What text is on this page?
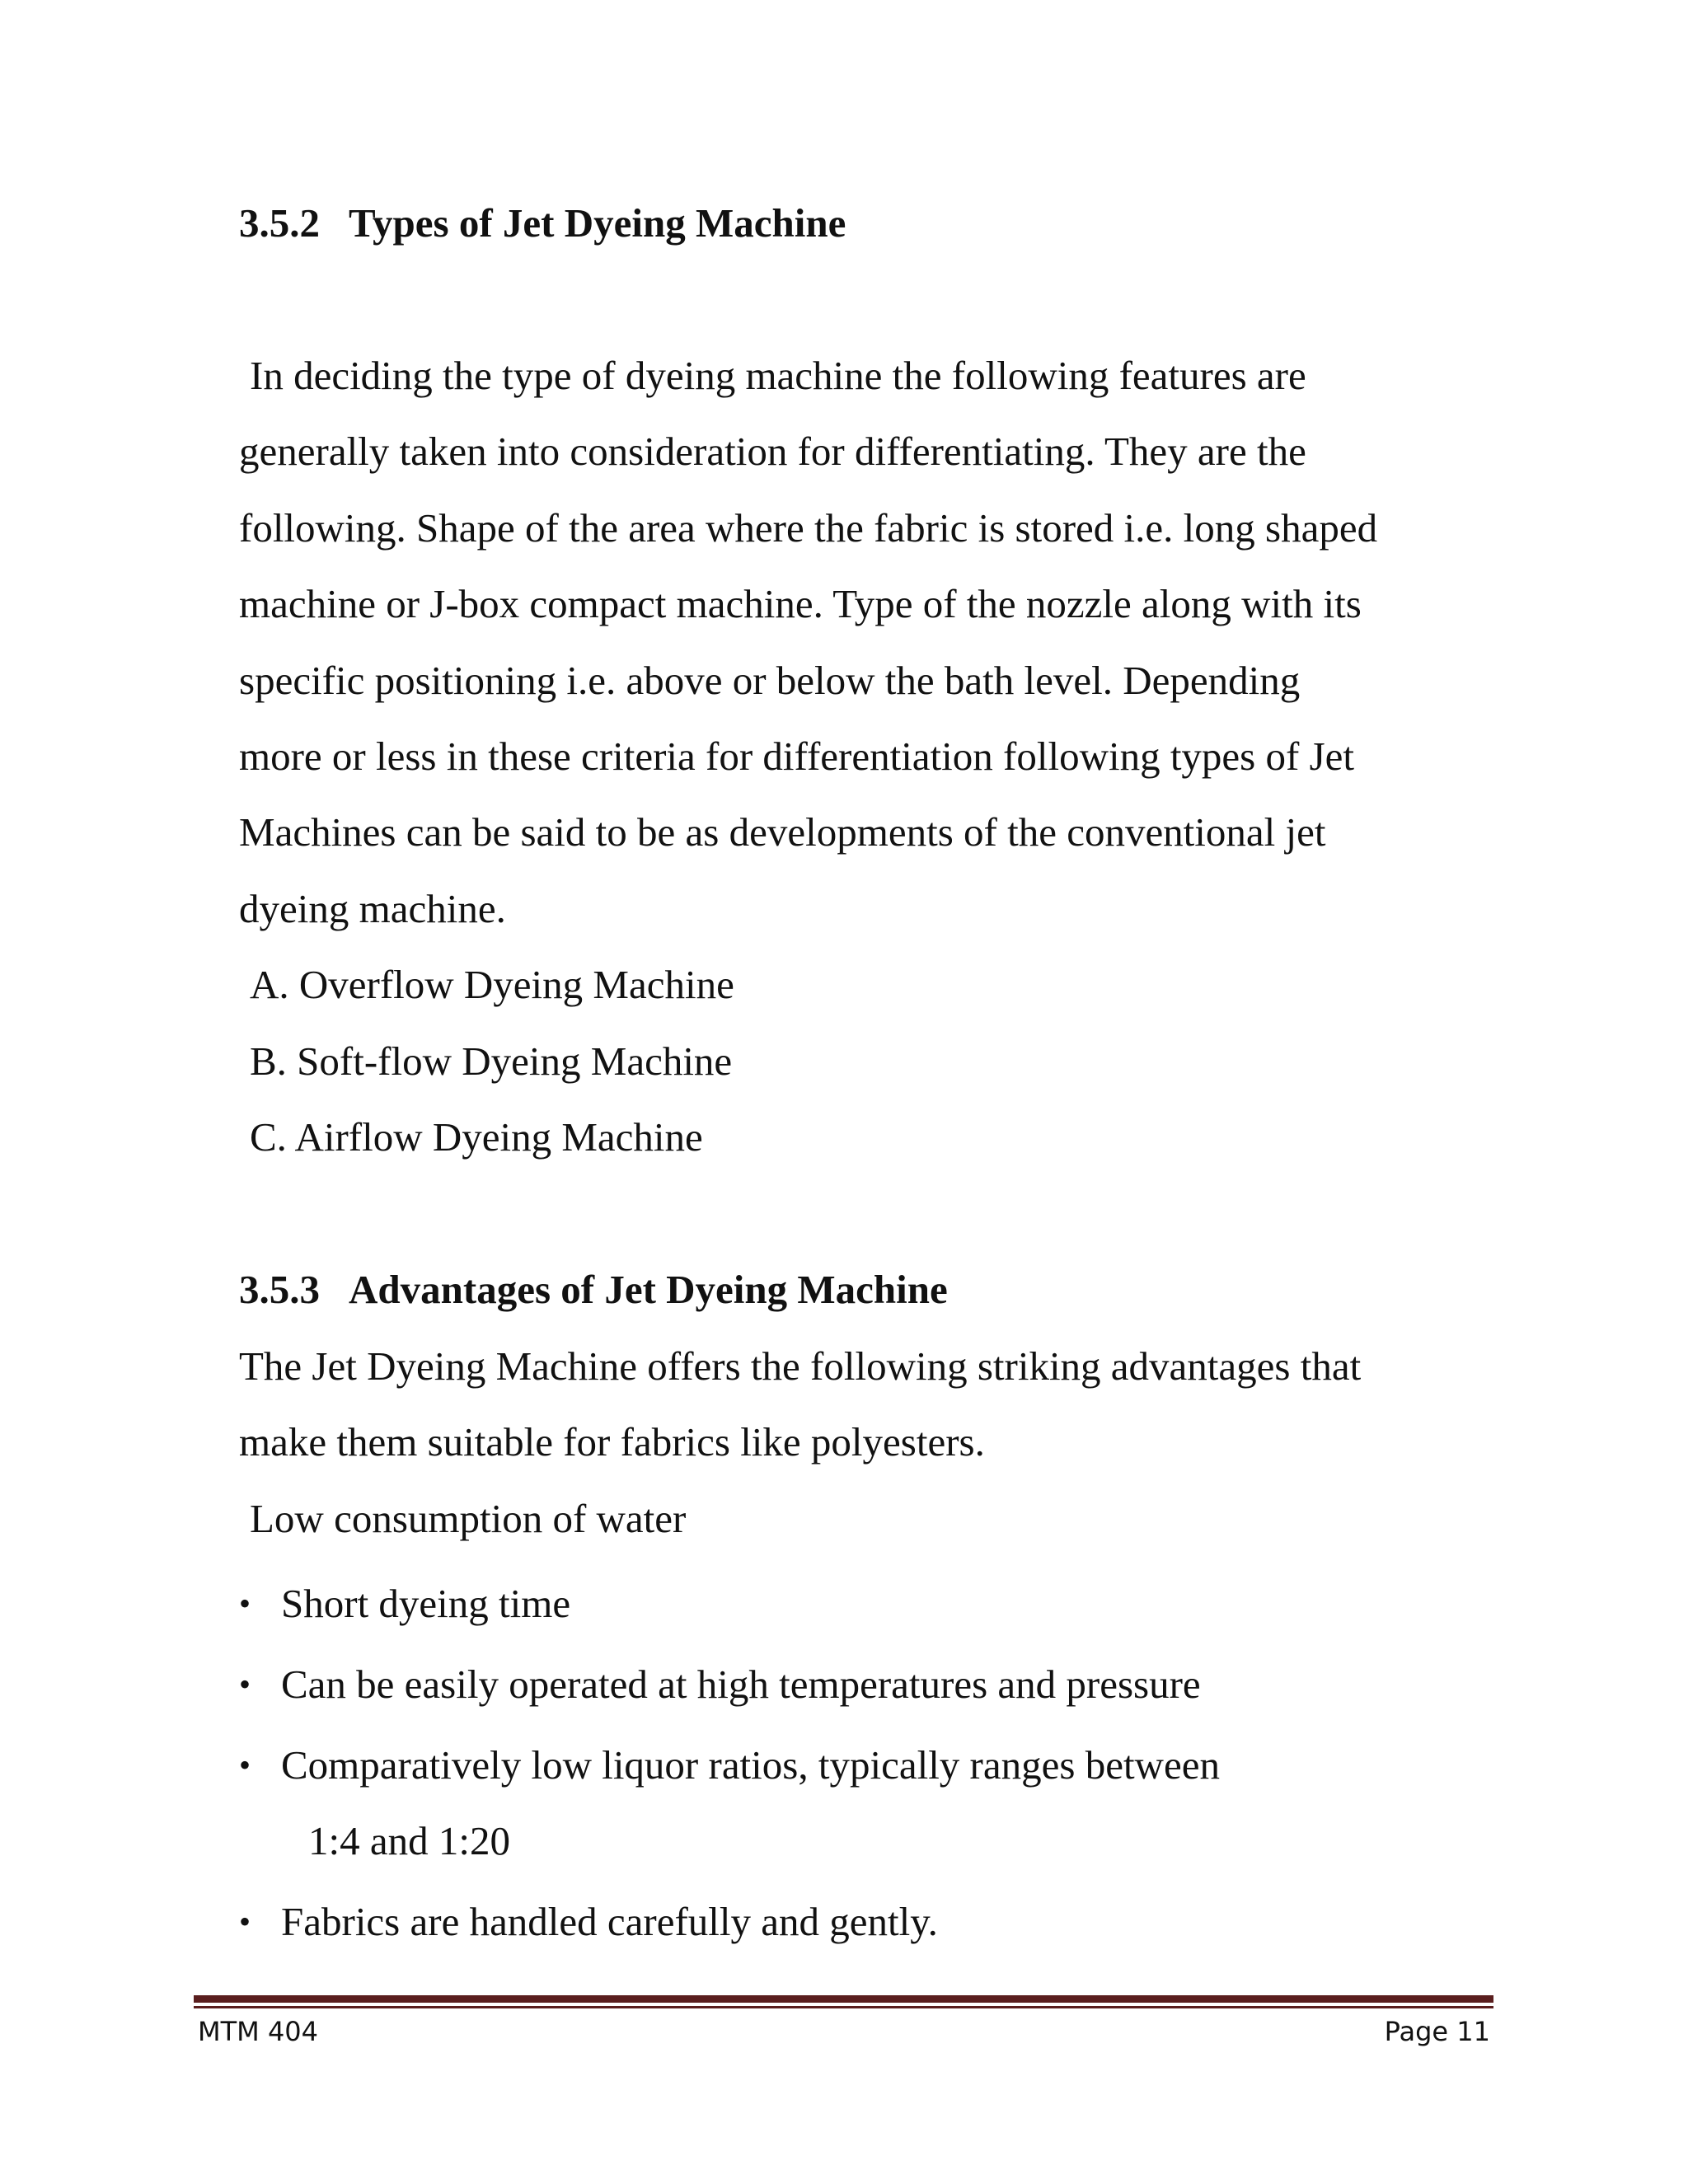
3.5.2 Types of Jet Dyeing Machine
In deciding the type of dyeing machine the following features are
generally taken into consideration for differentiating. They are the
following. Shape of the area where the fabric is stored i.e. long shaped
machine or J-box compact machine. Type of the nozzle along with its
specific positioning i.e. above or below the bath level. Depending
more or less in these criteria for differentiation following types of Jet
Machines can be said to be as developments of the conventional jet
dyeing machine.
A. Overflow Dyeing Machine
B. Soft-flow Dyeing Machine
C. Airflow Dyeing Machine
3.5.3 Advantages of Jet Dyeing Machine
The Jet Dyeing Machine offers the following striking advantages that
make them suitable for fabrics like polyesters.
Low consumption of water
• Short dyeing time
• Can be easily operated at high temperatures and pressure
• Comparatively low liquor ratios, typically ranges between
1:4 and 1:20
• Fabrics are handled carefully and gently.
MTM 404	Page 11
